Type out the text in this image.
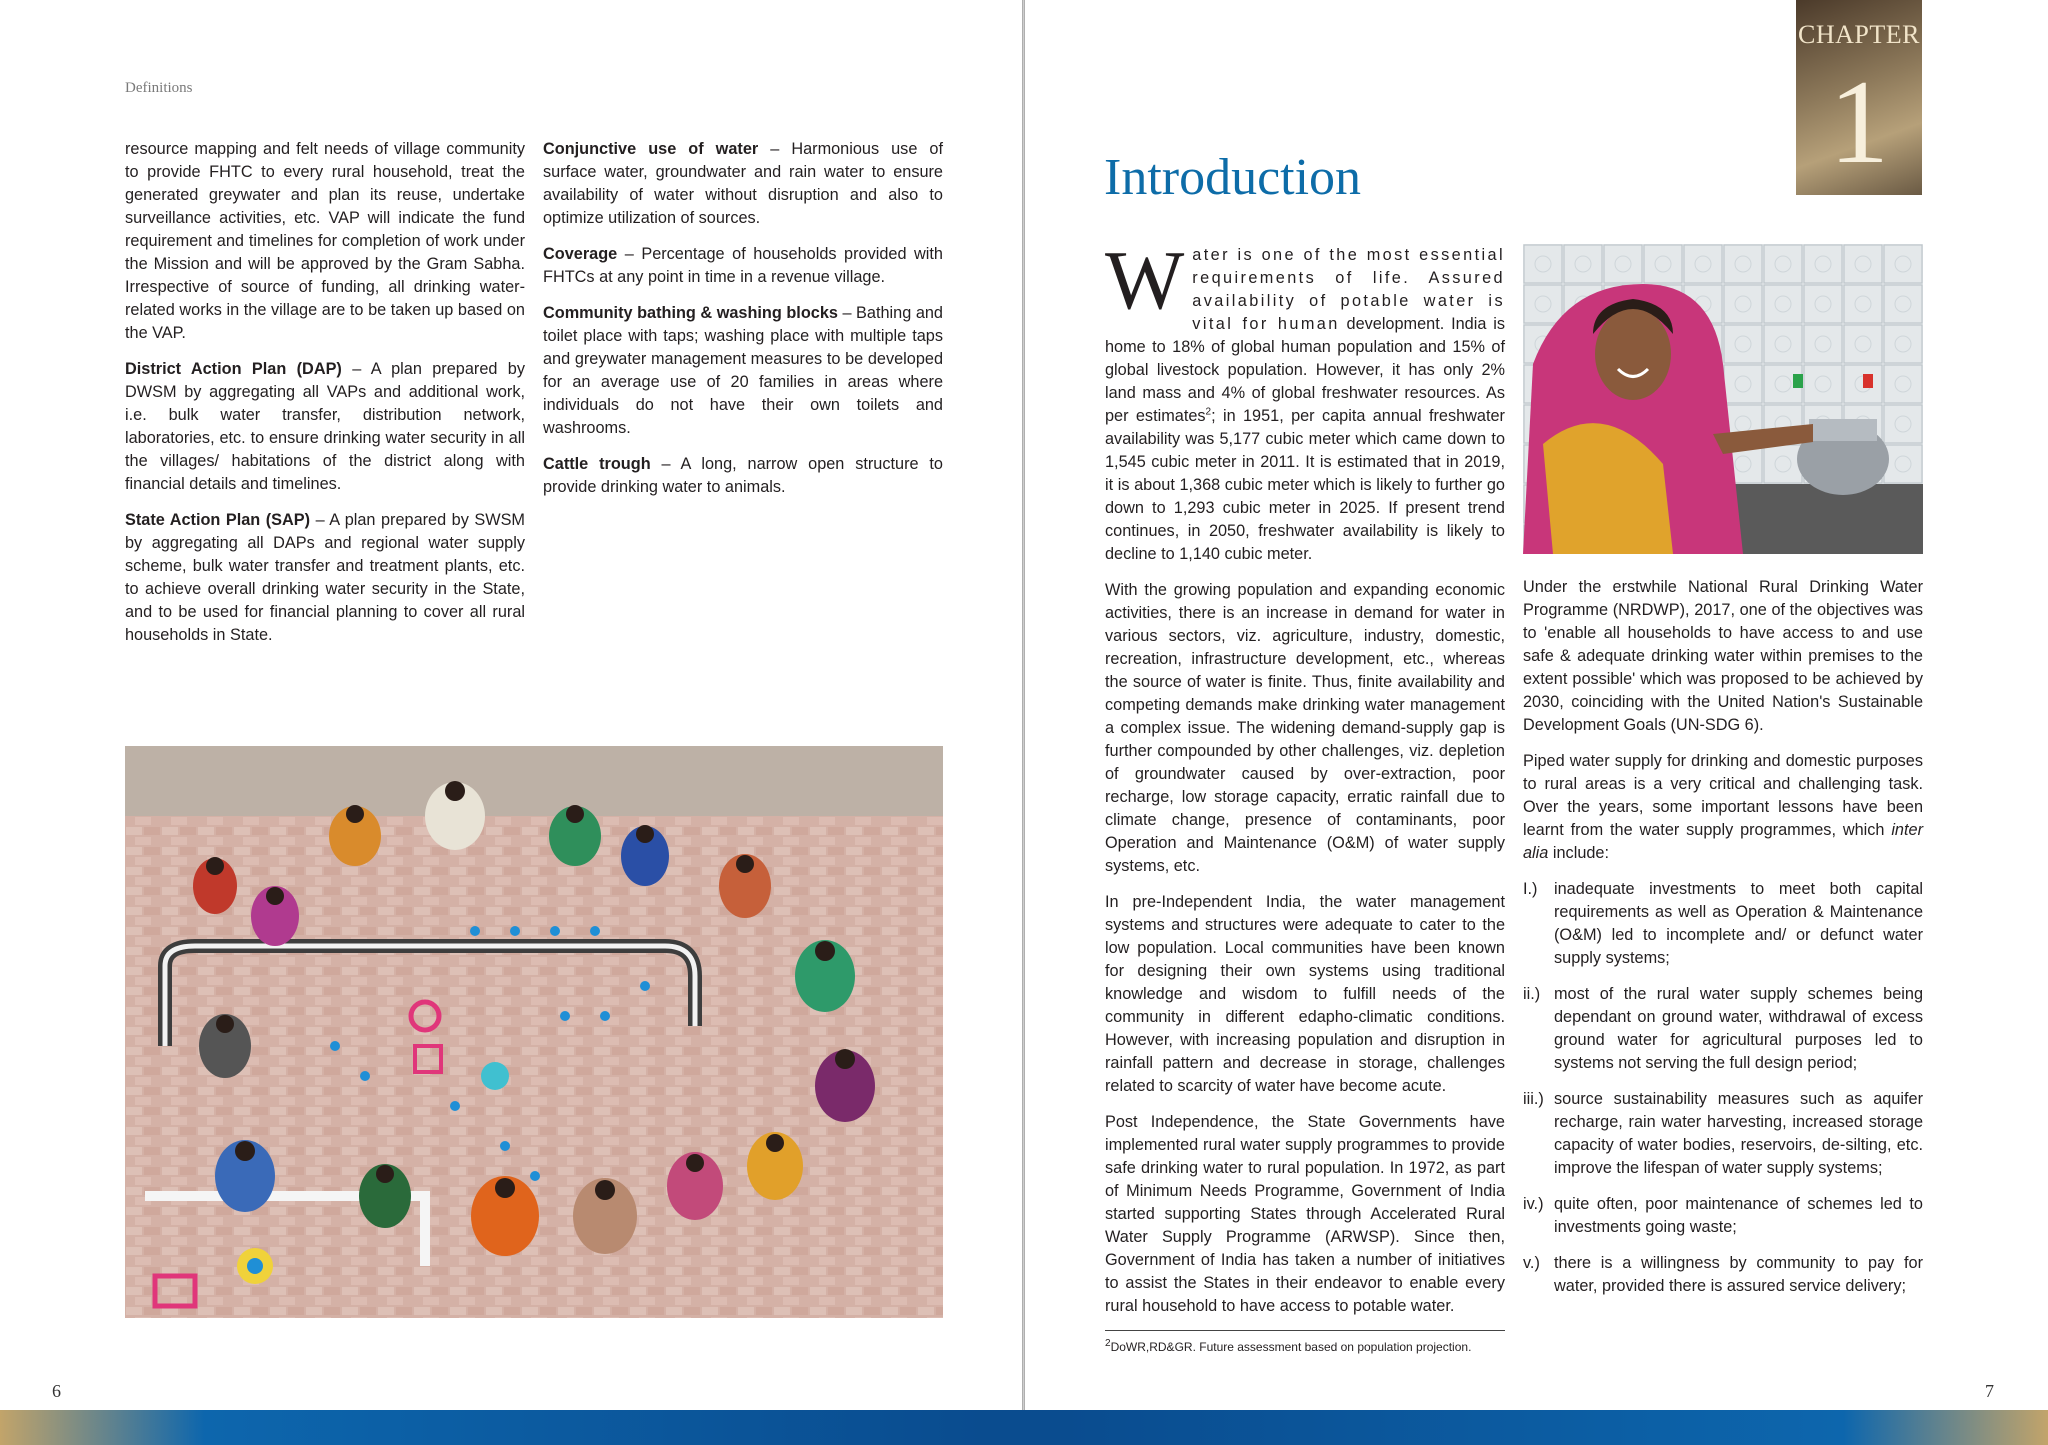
Definitions

resource mapping and felt needs of village community to provide FHTC to every rural household, treat the generated greywater and plan its reuse, undertake surveillance activities, etc. VAP will indicate the fund requirement and timelines for completion of work under the Mission and will be approved by the Gram Sabha. Irrespective of source of funding, all drinking water-related works in the village are to be taken up based on the VAP.

District Action Plan (DAP) – A plan prepared by DWSM by aggregating all VAPs and additional work, i.e. bulk water transfer, distribution network, laboratories, etc. to ensure drinking water security in all the villages/ habitations of the district along with financial details and timelines.

State Action Plan (SAP) – A plan prepared by SWSM by aggregating all DAPs and regional water supply scheme, bulk water transfer and treatment plants, etc. to achieve overall drinking water security in the State, and to be used for financial planning to cover all rural households in State.

Conjunctive use of water – Harmonious use of surface water, groundwater and rain water to ensure availability of water without disruption and also to optimize utilization of sources.

Coverage – Percentage of households provided with FHTCs at any point in time in a revenue village.

Community bathing & washing blocks – Bathing and toilet place with taps; washing place with multiple taps and greywater management measures to be developed for an average use of 20 families in areas where individuals do not have their own toilets and washrooms.

Cattle trough – A long, narrow open structure to provide drinking water to animals.

6
CHAPTER
1
Introduction

Water is one of the most essential requirements of life. Assured availability of potable water is vital for human development. India is home to 18% of global human population and 15% of global livestock population. However, it has only 2% land mass and 4% of global freshwater resources. As per estimates$^2$; in 1951, per capita annual freshwater availability was 5,177 cubic meter which came down to 1,545 cubic meter in 2011. It is estimated that in 2019, it is about 1,368 cubic meter which is likely to further go down to 1,293 cubic meter in 2025. If present trend continues, in 2050, freshwater availability is likely to decline to 1,140 cubic meter.

With the growing population and expanding economic activities, there is an increase in demand for water in various sectors, viz. agriculture, industry, domestic, recreation, infrastructure development, etc., whereas the source of water is finite. Thus, finite availability and competing demands make drinking water management a complex issue. The widening demand-supply gap is further compounded by other challenges, viz. depletion of groundwater caused by over-extraction, poor recharge, low storage capacity, erratic rainfall due to climate change, presence of contaminants, poor Operation and Maintenance (O&M) of water supply systems, etc.

In pre-Independent India, the water management systems and structures were adequate to cater to the low population. Local communities have been known for designing their own systems using traditional knowledge and wisdom to fulfill needs of the community in different edapho-climatic conditions. However, with increasing population and disruption in rainfall pattern and decrease in storage, challenges related to scarcity of water have become acute.

Post Independence, the State Governments have implemented rural water supply programmes to provide safe drinking water to rural population. In 1972, as part of Minimum Needs Programme, Government of India started supporting States through Accelerated Rural Water Supply Programme (ARWSP). Since then, Government of India has taken a number of initiatives to assist the States in their endeavor to enable every rural household to have access to potable water.

Under the erstwhile National Rural Drinking Water Programme (NRDWP), 2017, one of the objectives was to 'enable all households to have access to and use safe & adequate drinking water within premises to the extent possible' which was proposed to be achieved by 2030, coinciding with the United Nation's Sustainable Development Goals (UN-SDG 6).

Piped water supply for drinking and domestic purposes to rural areas is a very critical and challenging task. Over the years, some important lessons have been learnt from the water supply programmes, which inter alia include:

I.) inadequate investments to meet both capital requirements as well as Operation & Maintenance (O&M) led to incomplete and/ or defunct water supply systems;
ii.) most of the rural water supply schemes being dependant on ground water, withdrawal of excess ground water for agricultural purposes led to systems not serving the full design period;
iii.) source sustainability measures such as aquifer recharge, rain water harvesting, increased storage capacity of water bodies, reservoirs, de-silting, etc. improve the lifespan of water supply systems;
iv.) quite often, poor maintenance of schemes led to investments going waste;
v.) there is a willingness by community to pay for water, provided there is assured service delivery;
$^2$DoWR,RD&GR. Future assessment based on population projection.
7
